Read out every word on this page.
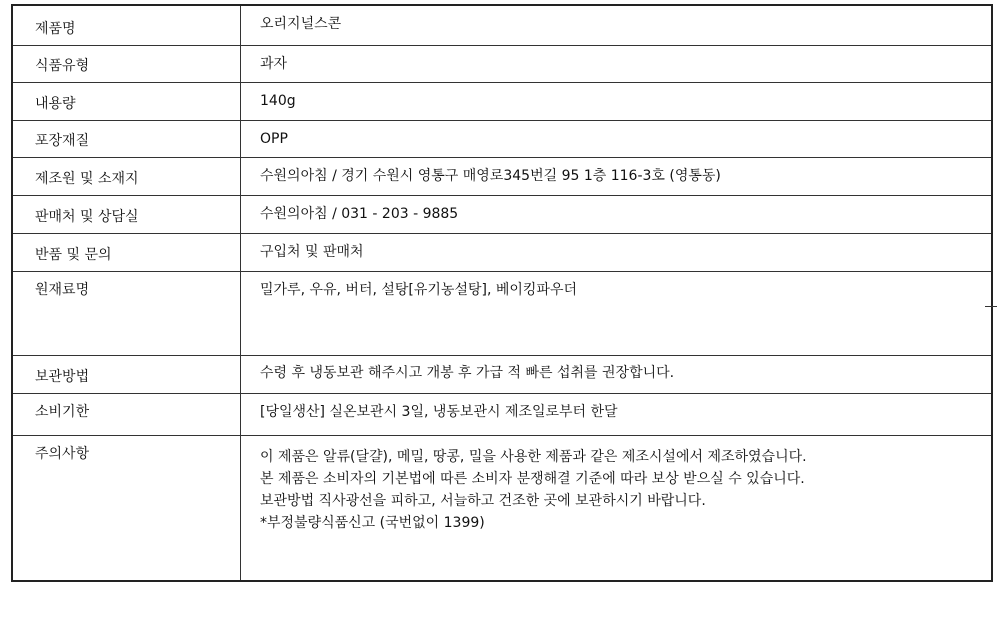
제품명	오리지널스콘
식품유형	과자
내용량	140g
포장재질	OPP
제조원 및 소재지	수원의아침 / 경기 수원시 영통구 매영로345번길 95 1층 116-3호 (영통동)
판매처 및 상담실	수원의아침 / 031 - 203 - 9885
반품 및 문의	구입처 및 판매처
원재료명	밀가루, 우유, 버터, 설탕[유기농설탕], 베이킹파우더
보관방법	수령 후 냉동보관 해주시고 개봉 후 가급 적 빠른 섭취를 권장합니다.
소비기한	[당일생산] 실온보관시 3일, 냉동보관시 제조일로부터 한달
주의사항	이 제품은 알류(달걀), 메밀, 땅콩, 밀을 사용한 제품과 같은 제조시설에서 제조하였습니다.
본 제품은 소비자의 기본법에 따른 소비자 분쟁해결 기준에 따라 보상 받으실 수 있습니다.
보관방법 직사광선을 피하고, 서늘하고 건조한 곳에 보관하시기 바랍니다.
*부정불량식품신고 (국번없이 1399)
